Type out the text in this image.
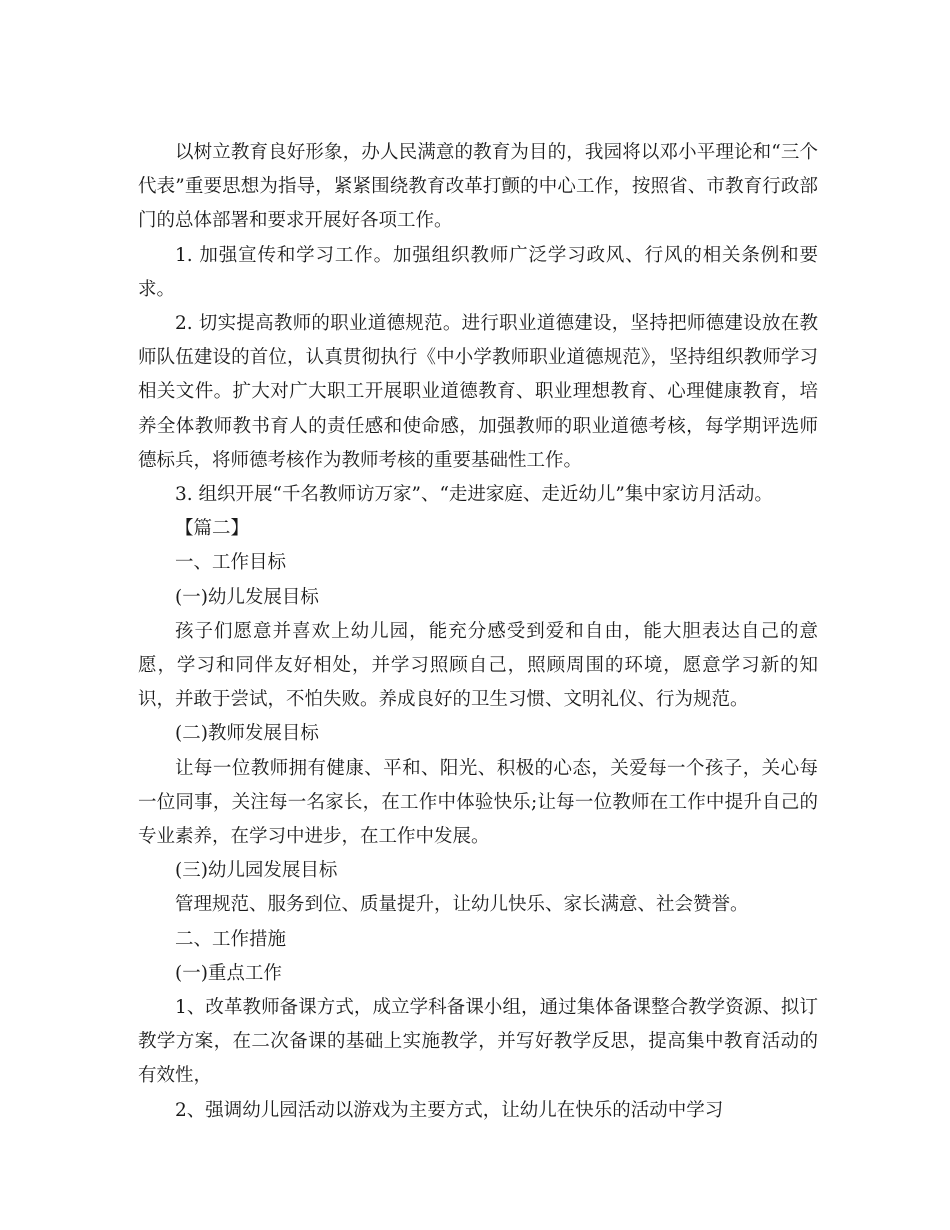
以树立教育良好形象，办人民满意的教育为目的，我园将以邓小平理论和“三个代表”重要思想为指导，紧紧围绕教育改革打颤的中心工作，按照省、市教育行政部门的总体部署和要求开展好各项工作。

1. 加强宣传和学习工作。加强组织教师广泛学习政风、行风的相关条例和要求。

2. 切实提高教师的职业道德规范。进行职业道德建设，坚持把师德建设放在教师队伍建设的首位，认真贯彻执行《中小学教师职业道德规范》，坚持组织教师学习相关文件。扩大对广大职工开展职业道德教育、职业理想教育、心理健康教育，培养全体教师教书育人的责任感和使命感，加强教师的职业道德考核，每学期评选师德标兵，将师德考核作为教师考核的重要基础性工作。

3. 组织开展“千名教师访万家”、“走进家庭、走近幼儿”集中家访月活动。

【篇二】

一、工作目标

(一)幼儿发展目标

孩子们愿意并喜欢上幼儿园，能充分感受到爱和自由，能大胆表达自己的意愿，学习和同伴友好相处，并学习照顾自己，照顾周围的环境，愿意学习新的知识，并敢于尝试，不怕失败。养成良好的卫生习惯、文明礼仪、行为规范。

(二)教师发展目标

让每一位教师拥有健康、平和、阳光、积极的心态，关爱每一个孩子，关心每一位同事，关注每一名家长，在工作中体验快乐;让每一位教师在工作中提升自己的专业素养，在学习中进步，在工作中发展。

(三)幼儿园发展目标

管理规范、服务到位、质量提升，让幼儿快乐、家长满意、社会赞誉。

二、工作措施

(一)重点工作

1、改革教师备课方式，成立学科备课小组，通过集体备课整合教学资源、拟订教学方案，在二次备课的基础上实施教学，并写好教学反思，提高集中教育活动的有效性，

2、强调幼儿园活动以游戏为主要方式，让幼儿在快乐的活动中学习
